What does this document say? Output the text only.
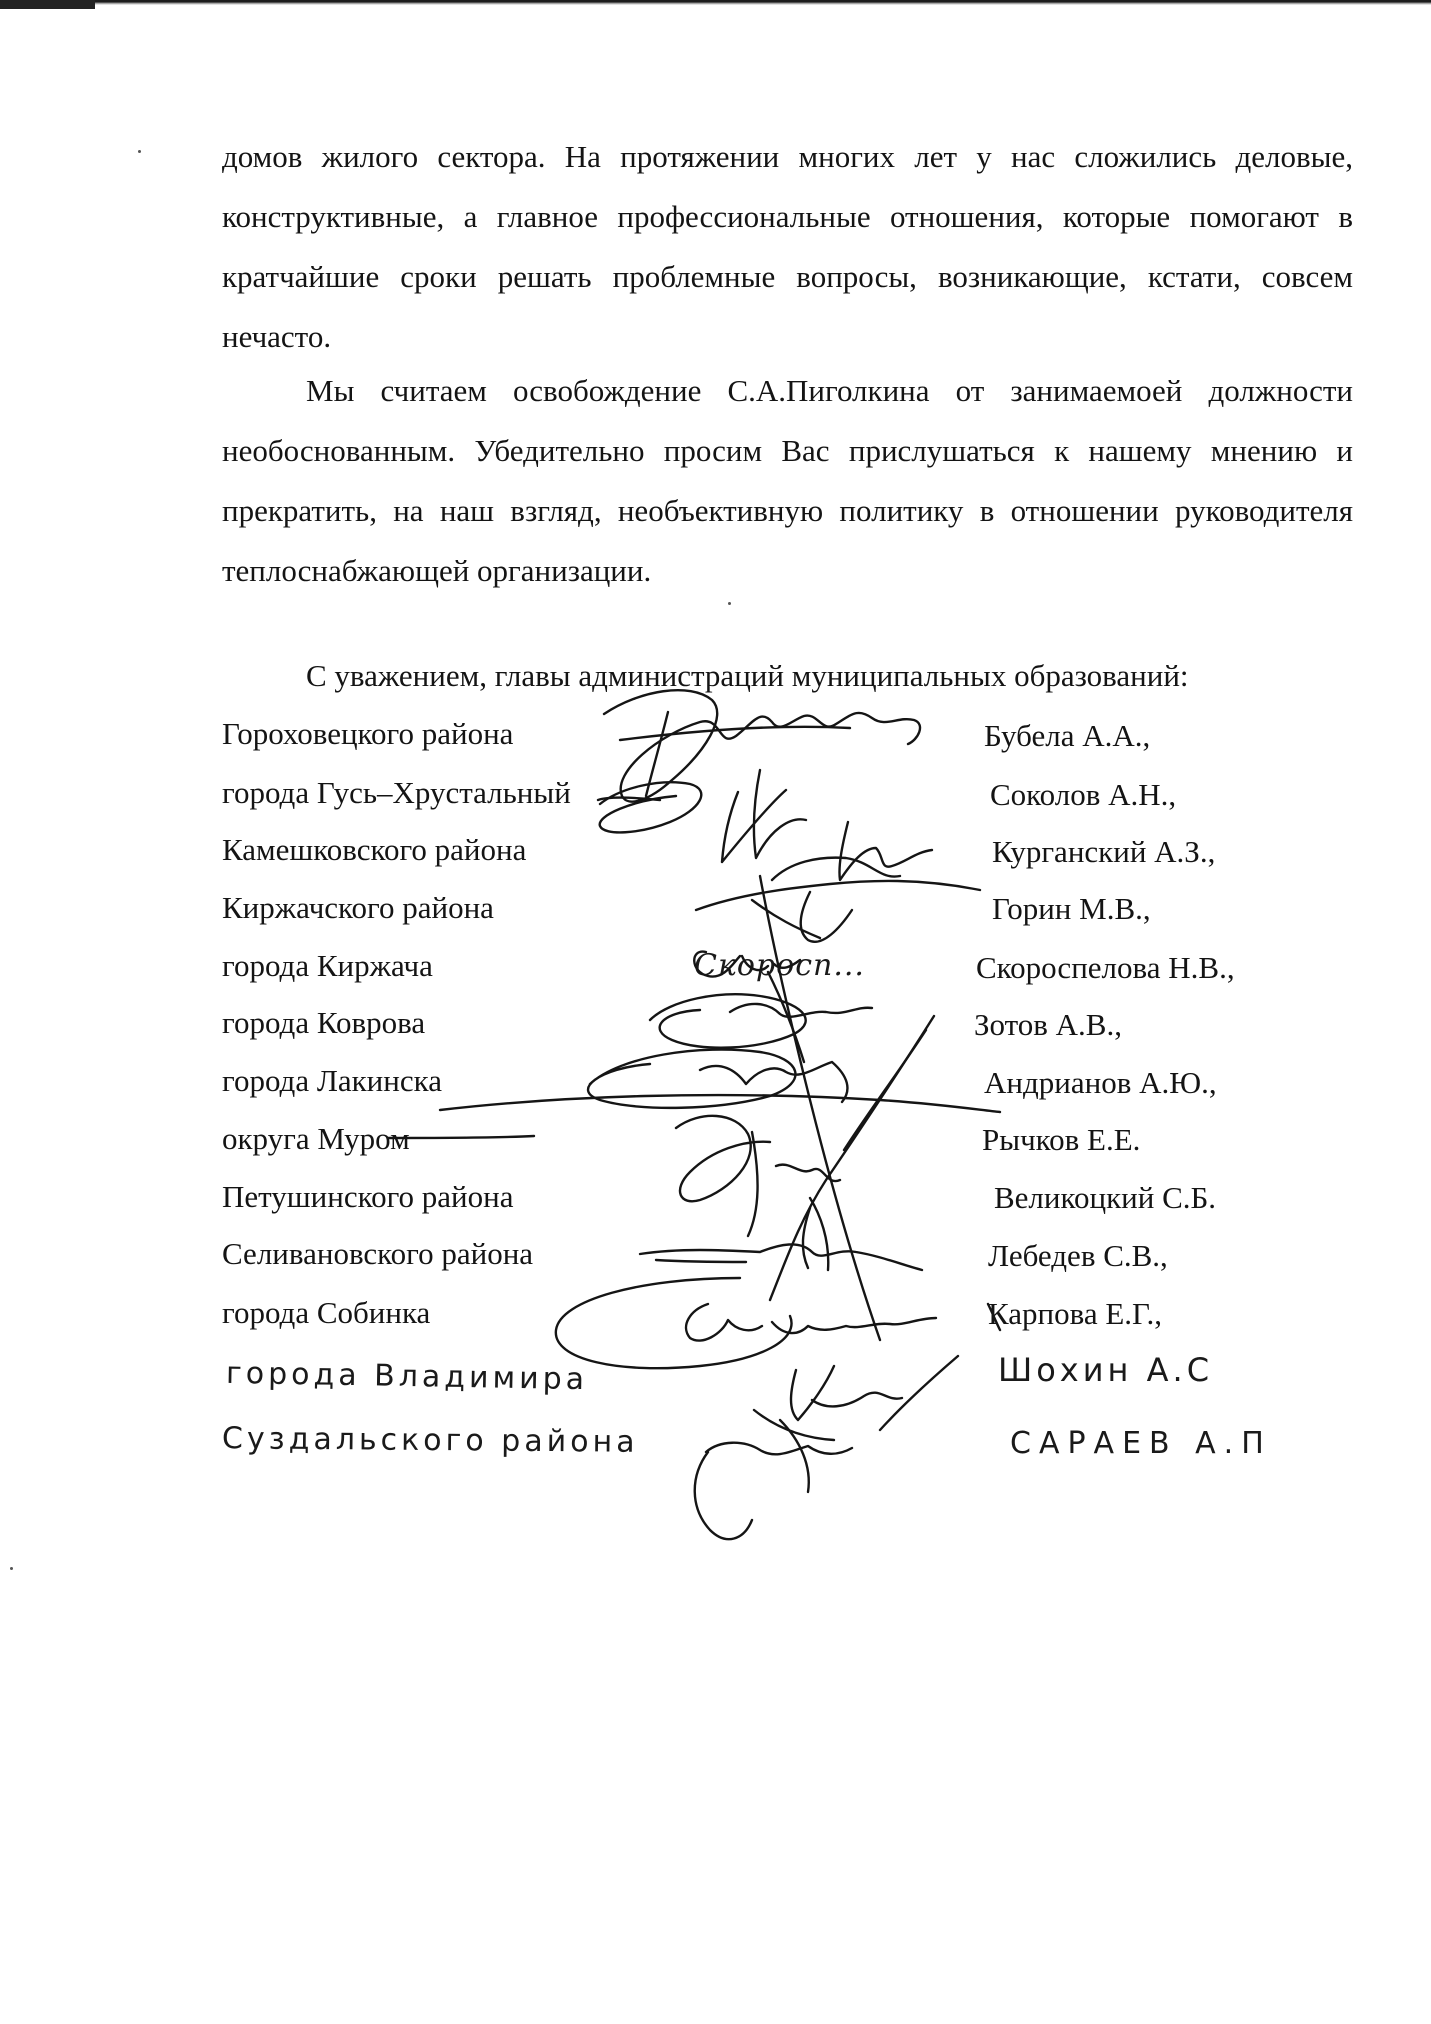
домов жилого сектора. На протяжении многих лет у нас сложились деловые, конструктивные, а главное профессиональные отношения, которые помогают в кратчайшие сроки решать проблемные вопросы, возникающие, кстати, совсем нечасто.

Мы считаем освобождение С.А.Пиголкина от занимаемоей должности необоснованным. Убедительно просим Вас прислушаться к нашему мнению и прекратить, на наш взгляд, необъективную политику в отношении руководителя теплоснабжающей организации.

С уважением, главы администраций муниципальных образований:
Гороховецкого района	Бубела А.А.,
города Гусь–Хрустальный	Соколов А.Н.,
Камешковского района	Курганский А.З.,
Киржачского района	Горин М.В.,
города Киржача	Скороспелова Н.В.,
города Коврова	Зотов А.В.,
города Лакинска	Андрианов А.Ю.,
округа Муром	Рычков Е.Е.
Петушинского района	Великоцкий С.Б.
Селивановского района	Лебедев С.В.,
города Собинка	Карпова Е.Г.,
города Владимира	Шохин А.С
Суздальского района	САРАЕВ А.П
Скоросп...
